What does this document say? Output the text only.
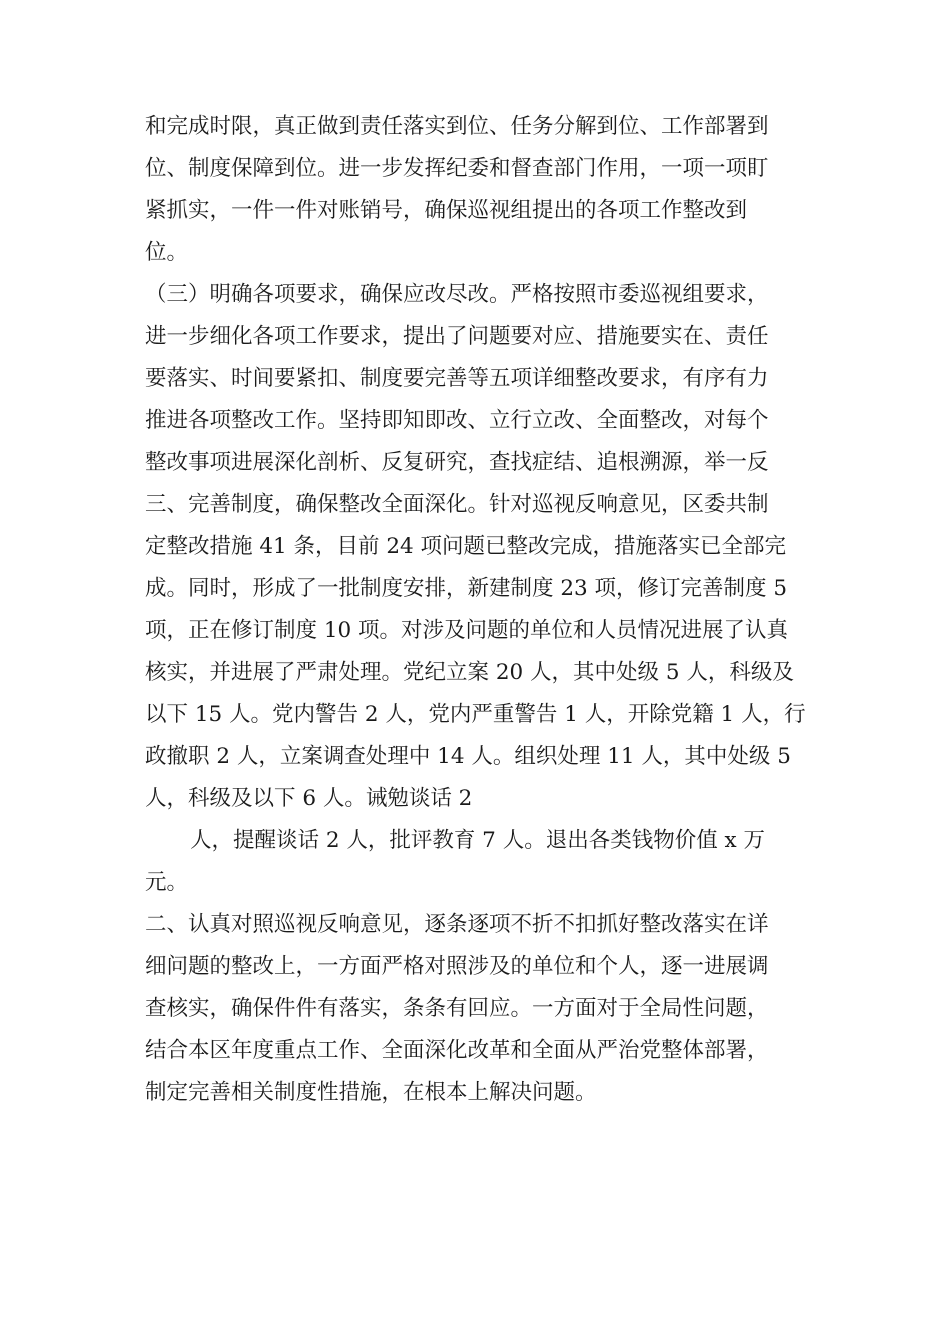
和完成时限，真正做到责任落实到位、任务分解到位、工作部署到
位、制度保障到位。进一步发挥纪委和督查部门作用，一项一项盯
紧抓实，一件一件对账销号，确保巡视组提出的各项工作整改到
位。
（三）明确各项要求，确保应改尽改。严格按照市委巡视组要求，
进一步细化各项工作要求，提出了问题要对应、措施要实在、责任
要落实、时间要紧扣、制度要完善等五项详细整改要求，有序有力
推进各项整改工作。坚持即知即改、立行立改、全面整改，对每个
整改事项进展深化剖析、反复研究，查找症结、追根溯源，举一反
三、完善制度，确保整改全面深化。针对巡视反响意见，区委共制
定整改措施 41 条，目前 24 项问题已整改完成，措施落实已全部完
成。同时，形成了一批制度安排，新建制度 23 项，修订完善制度 5
项，正在修订制度 10 项。对涉及问题的单位和人员情况进展了认真
核实，并进展了严肃处理。党纪立案 20 人，其中处级 5 人，科级及
以下 15 人。党内警告 2 人，党内严重警告 1 人，开除党籍 1 人，行
政撤职 2 人，立案调查处理中 14 人。组织处理 11 人，其中处级 5
人，科级及以下 6 人。诫勉谈话 2
人，提醒谈话 2 人，批评教育 7 人。退出各类钱物价值 x 万
元。
二、认真对照巡视反响意见，逐条逐项不折不扣抓好整改落实在详
细问题的整改上，一方面严格对照涉及的单位和个人，逐一进展调
查核实，确保件件有落实，条条有回应。一方面对于全局性问题，
结合本区年度重点工作、全面深化改革和全面从严治党整体部署，
制定完善相关制度性措施，在根本上解决问题。
